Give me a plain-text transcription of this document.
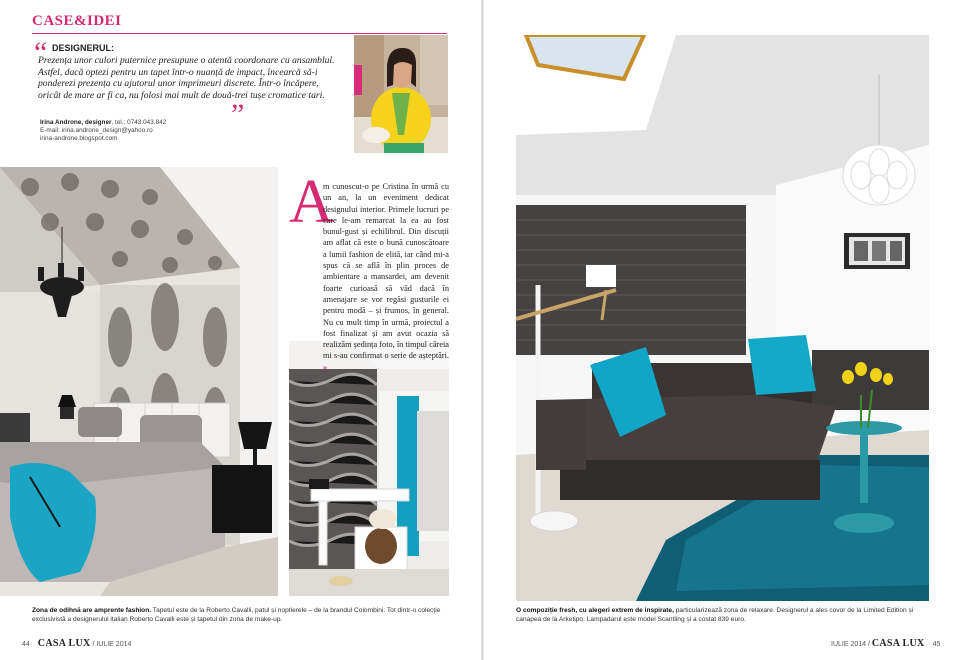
CASE&IDEI
“ DESIGNERUL:
Prezența unor culori puternice presupune o atentă coordonare cu ansamblul. Astfel, dacă optezi pentru un tapet într-o nuanță de impact, încearcă să-i ponderezi prezența cu ajutorul unor imprimeuri discrete. Într-o încăpere, oricât de mare ar fi ca, nu folosi mai mult de două-trei tușe cromatice tari.
”
Irina Androne, designer, tel.: 0743.043.842
E-mail: irina.androne_design@yahoo.ro
irina-androne.blogspot.com
A
m cunoscut-o pe Cristina în urmă cu un an, la un eveniment dedicat designului interior. Primele lucruri pe care le-am remarcat la ea au fost bunul-gust și echilibrul. Din discuții am aflat că este o bună cunoscătoare a lumii fashion de elită, iar când mi-a spus că se află în plin proces de ambientare a mansardei, am devenit foarte curioasă să văd dacă în amenajare se vor regăsi gusturile ei pentru modă – și frumos, în general. Nu cu mult timp în urmă, proiectul a fost finalizat și am avut ocazia să realizăm ședința foto, în timpul căreia mi s-au confirmat o serie de așteptări. »
Zona de odihnă are amprente fashion. Tapetul este de la Roberto Cavalli, patul și noptierele – de la brandul Colombini. Tot dintr-o colecție exclusivistă a designerului italian Roberto Cavalli este și tapetul din zona de make-up.
O compoziție fresh, cu alegeri extrem de inspirate, particularizează zona de relaxare. Designerul a ales covor de la Limited Edition și canapea de la Arketipo. Lampadarul este model Scantling și a costat 839 euro.
44 CASA LUX / IULIE 2014	IULIE 2014 / CASA LUX 45
